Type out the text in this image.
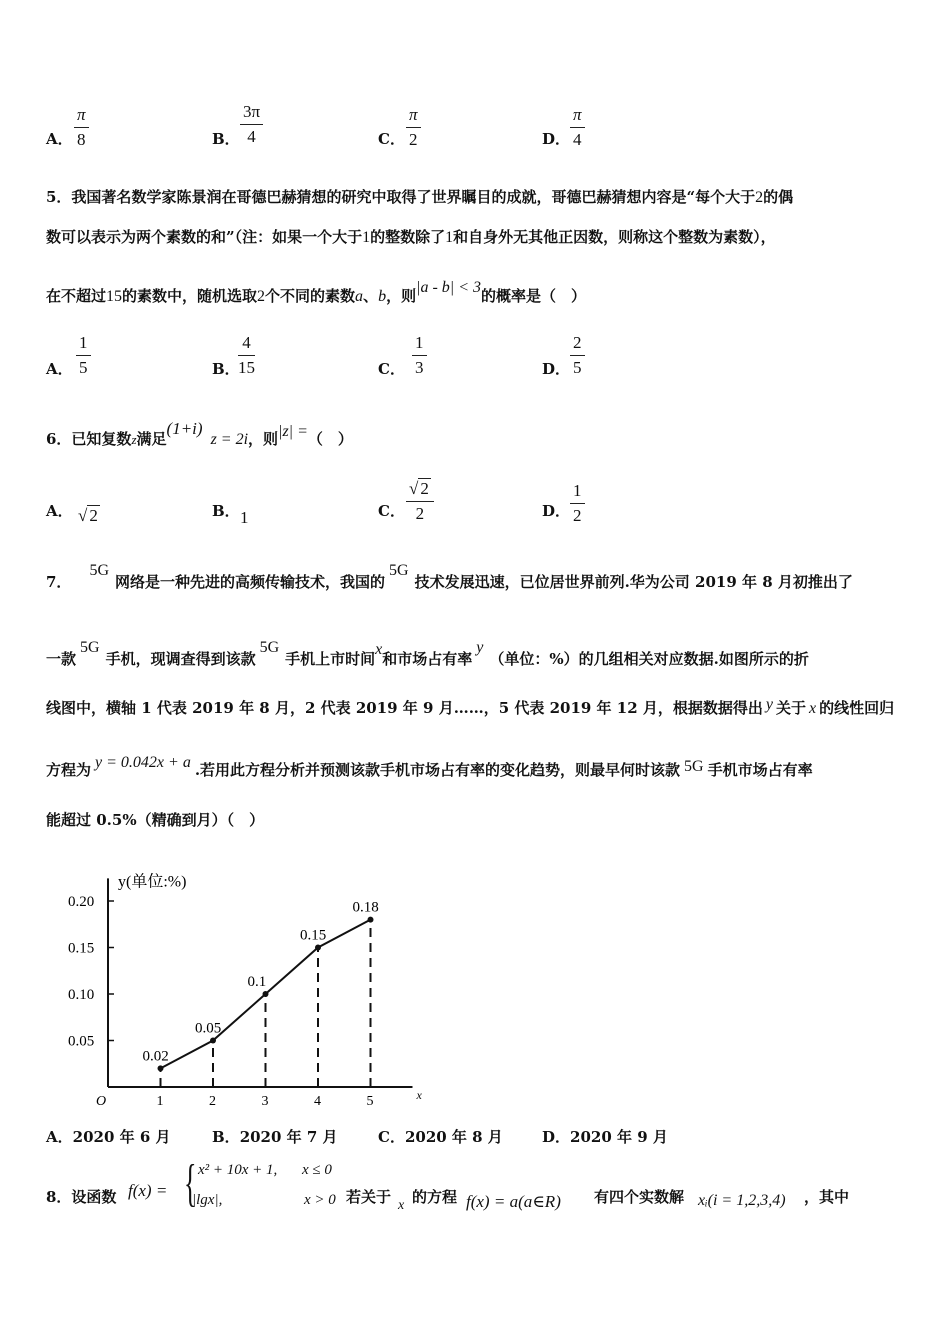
A．
π
8	B．
3π
4	C．
π
2	D．
π
4
5．我国著名数学家陈景润在哥德巴赫猜想的研究中取得了世界瞩目的成就，哥德巴赫猜想内容是“每个大于2的偶
数可以表示为两个素数的和”（注：如果一个大于1的整数除了1和自身外无其他正因数，则称这个整数为素数），
在不超过15的素数中，随机选取2个不同的素数a、b，则|a - b| < 3的概率是（　）
A．
1
5	B．
4
15	C．
1
3	D．
2
5
6．已知复数z满足(1+i)z = 2i，则|z| =（　）
A． √ 2	B． 1	C．
√ 2
2	D．
1
2
7．5G网络是一种先进的高频传输技术，我国的5G技术发展迅速，已位居世界前列.华为公司 2019 年 8 月初推出了
一款5G手机，现调查得到该款5G手机上市时间x和市场占有率y（单位：%）的几组相关对应数据.如图所示的折
线图中，横轴 1 代表 2019 年 8 月，2 代表 2019 年 9 月……，5 代表 2019 年 12 月，根据数据得出 y 关于 x 的线性回归
方程为 y = 0.042x + a .若用此方程分析并预测该款手机市场占有率的变化趋势，则最早何时该款 5G 手机市场占有率
能超过 0.5%（精确到月）（　）
x
y(单位:%)
O
0.05
0.10
0.15
0.20
1	2	3	4	5
0.02
0.05
0.1
0.15
0.18
A．2020 年 6 月	B．2020 年 7 月	C．2020 年 8 月	D．2020 年 9 月
8．设函数 f(x) = { x² + 10x + 1, x ≤ 0
|lgx|,	x > 0 若关于 x 的方程 f(x) = a(a∈R) 有四个实数解 xᵢ(i = 1,2,3,4) ，其中
